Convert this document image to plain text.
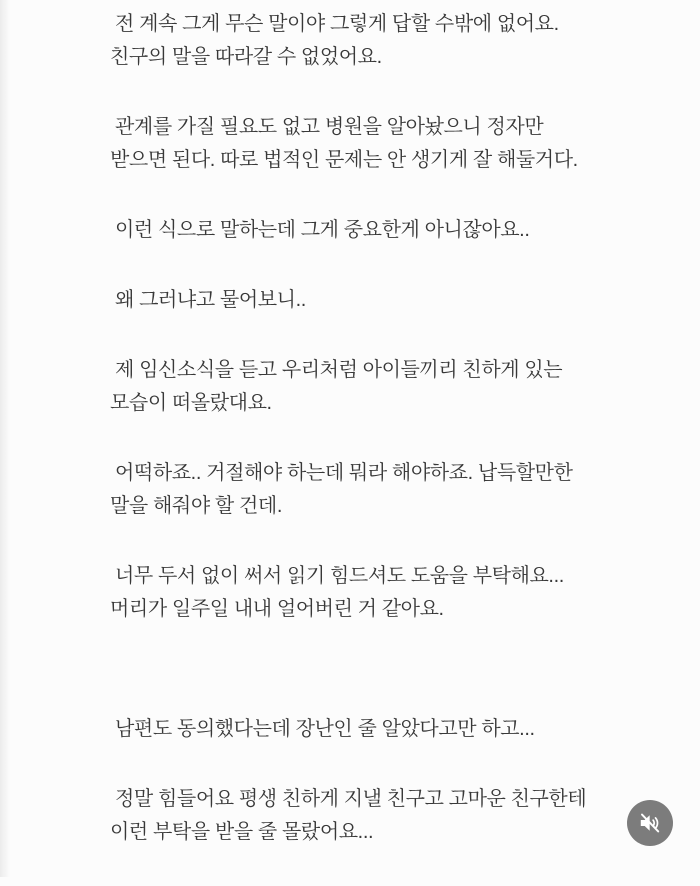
전 계속 그게 무슨 말이야 그렇게 답할 수밖에 없어요.
친구의 말을 따라갈 수 없었어요.
관계를 가질 필요도 없고 병원을 알아놨으니 정자만
받으면 된다. 따로 법적인 문제는 안 생기게 잘 해둘거다.
이런 식으로 말하는데 그게 중요한게 아니잖아요..
왜 그러냐고 물어보니..
제 임신소식을 듣고 우리처럼 아이들끼리 친하게 있는
모습이 떠올랐대요.
어떡하죠.. 거절해야 하는데 뭐라 해야하죠. 납득할만한
말을 해줘야 할 건데.
너무 두서 없이 써서 읽기 힘드셔도 도움을 부탁해요...
머리가 일주일 내내 얼어버린 거 같아요.
남편도 동의했다는데 장난인 줄 알았다고만 하고...
정말 힘들어요 평생 친하게 지낼 친구고 고마운 친구한테
이런 부탁을 받을 줄 몰랐어요...
